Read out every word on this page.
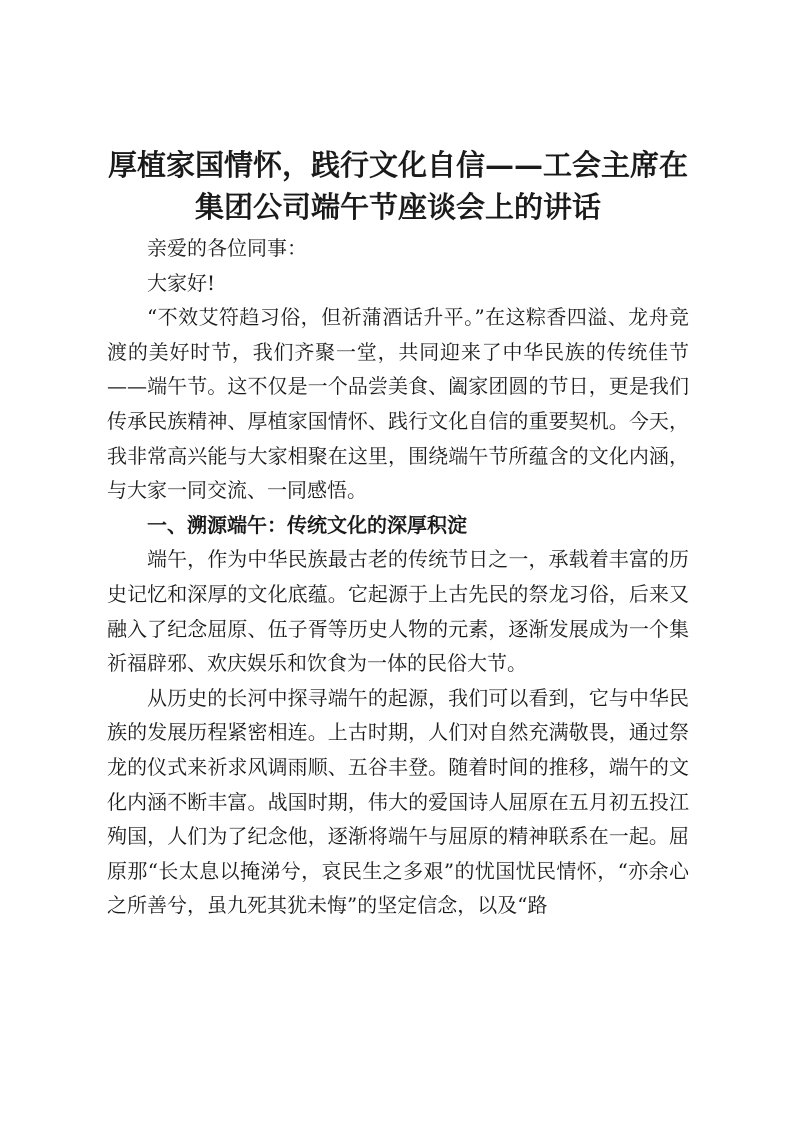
厚植家国情怀，践行文化自信——工会主席在集团公司端午节座谈会上的讲话

亲爱的各位同事：

大家好!

“不效艾符趋习俗，但祈蒲酒话升平。”在这粽香四溢、龙舟竞渡的美好时节，我们齐聚一堂，共同迎来了中华民族的传统佳节——端午节。这不仅是一个品尝美食、阖家团圆的节日，更是我们传承民族精神、厚植家国情怀、践行文化自信的重要契机。今天，我非常高兴能与大家相聚在这里，围绕端午节所蕴含的文化内涵，与大家一同交流、一同感悟。

一、溯源端午：传统文化的深厚积淀

端午，作为中华民族最古老的传统节日之一，承载着丰富的历史记忆和深厚的文化底蕴。它起源于上古先民的祭龙习俗，后来又融入了纪念屈原、伍子胥等历史人物的元素，逐渐发展成为一个集祈福辟邪、欢庆娱乐和饮食为一体的民俗大节。

从历史的长河中探寻端午的起源，我们可以看到，它与中华民族的发展历程紧密相连。上古时期，人们对自然充满敬畏，通过祭龙的仪式来祈求风调雨顺、五谷丰登。随着时间的推移，端午的文化内涵不断丰富。战国时期，伟大的爱国诗人屈原在五月初五投江殉国，人们为了纪念他，逐渐将端午与屈原的精神联系在一起。屈原那“长太息以掩涕兮，哀民生之多艰”的忧国忧民情怀，“亦余心之所善兮，虽九死其犹未悔”的坚定信念，以及“路
